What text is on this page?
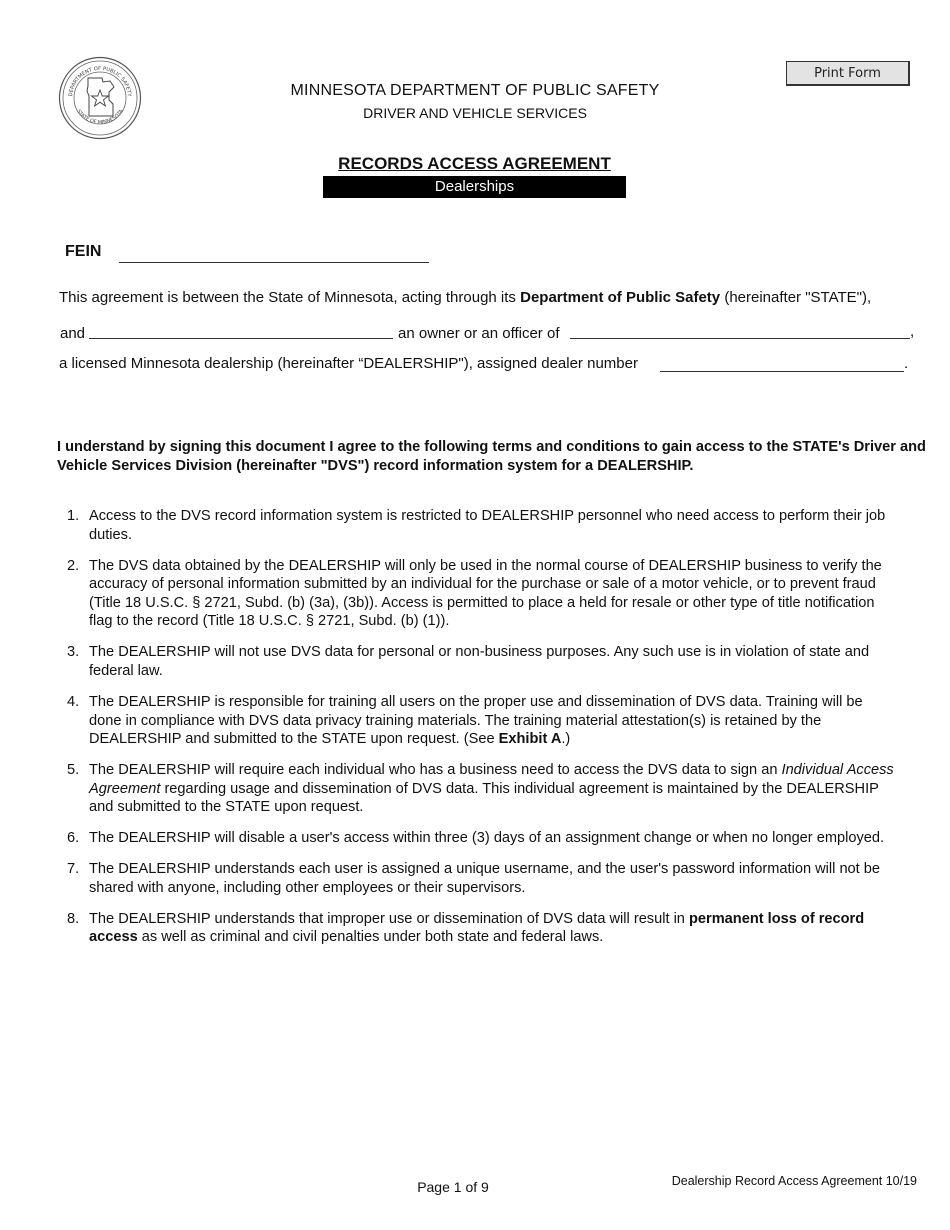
DEPARTMENT OF PUBLIC SAFETY
STATE OF MINNESOTA
Print Form
MINNESOTA DEPARTMENT OF PUBLIC SAFETY
DRIVER AND VEHICLE SERVICES
RECORDS ACCESS AGREEMENT
Dealerships
FEIN
This agreement is between the State of Minnesota, acting through its Department of Public Safety (hereinafter "STATE"),
and	an owner or an officer of	,
a licensed Minnesota dealership (hereinafter “DEALERSHIP"), assigned dealer number	.
I understand by signing this document I agree to the following terms and conditions to gain access to the STATE's Driver and Vehicle Services Division (hereinafter "DVS") record information system for a DEALERSHIP.
1. Access to the DVS record information system is restricted to DEALERSHIP personnel who need access to perform their job duties.
2. The DVS data obtained by the DEALERSHIP will only be used in the normal course of DEALERSHIP business to verify the accuracy of personal information submitted by an individual for the purchase or sale of a motor vehicle, or to prevent fraud (Title 18 U.S.C. § 2721, Subd. (b) (3a), (3b)). Access is permitted to place a held for resale or other type of title notification flag to the record (Title 18 U.S.C. § 2721, Subd. (b) (1)).
3. The DEALERSHIP will not use DVS data for personal or non-business purposes. Any such use is in violation of state and federal law.
4. The DEALERSHIP is responsible for training all users on the proper use and dissemination of DVS data. Training will be done in compliance with DVS data privacy training materials. The training material attestation(s) is retained by the DEALERSHIP and submitted to the STATE upon request. (See Exhibit A.)
5. The DEALERSHIP will require each individual who has a business need to access the DVS data to sign an Individual Access Agreement regarding usage and dissemination of DVS data. This individual agreement is maintained by the DEALERSHIP and submitted to the STATE upon request.
6. The DEALERSHIP will disable a user's access within three (3) days of an assignment change or when no longer employed.
7. The DEALERSHIP understands each user is assigned a unique username, and the user's password information will not be shared with anyone, including other employees or their supervisors.
8. The DEALERSHIP understands that improper use or dissemination of DVS data will result in permanent loss of record access as well as criminal and civil penalties under both state and federal laws.
Page 1 of 9	Dealership Record Access Agreement 10/19
